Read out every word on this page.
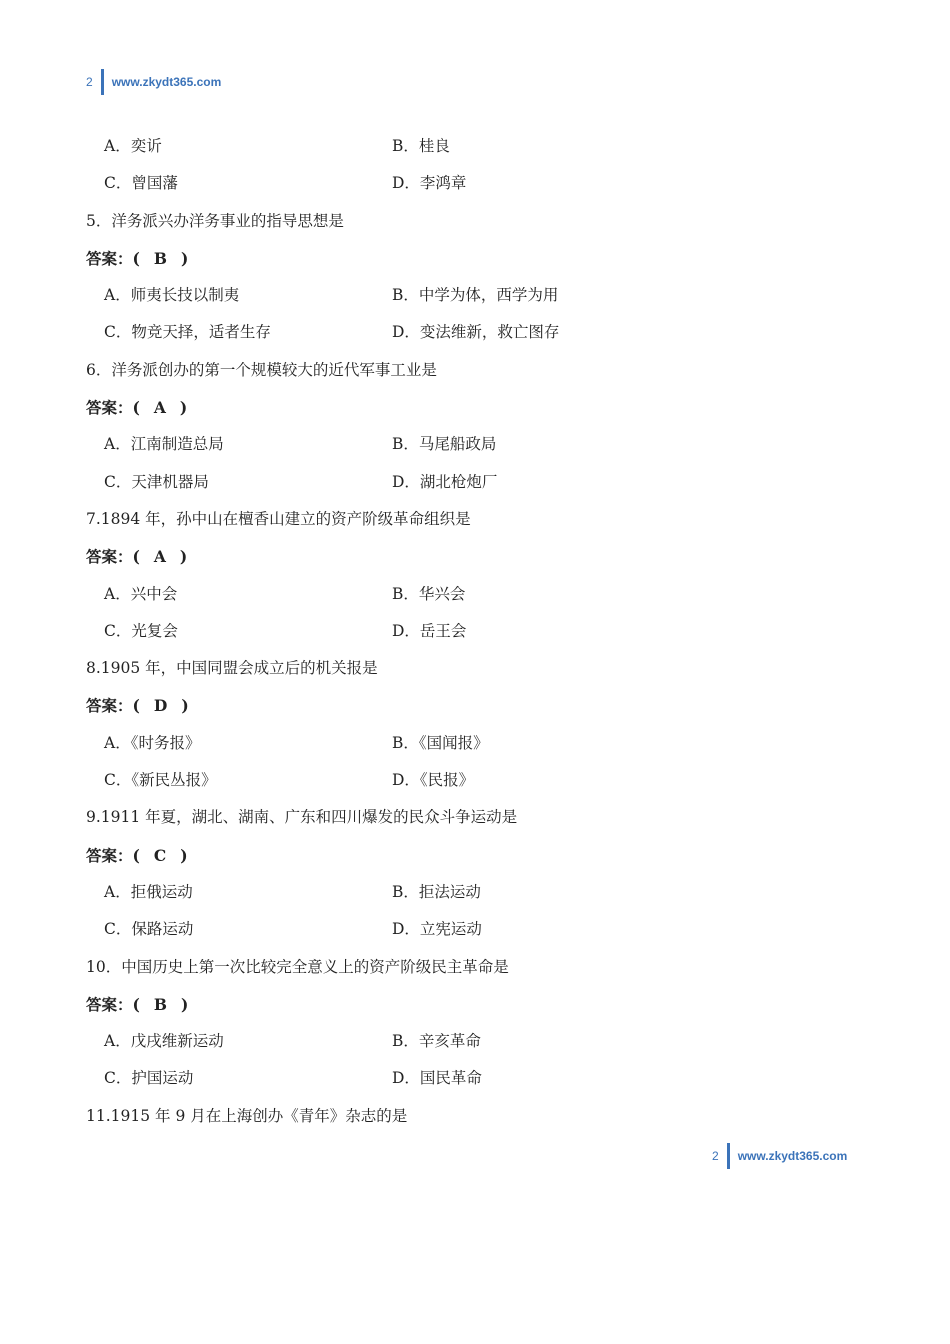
2 www.zkydt365.com
A．奕䜣	B．桂良
C．曾国藩	D．李鸿章
5．洋务派兴办洋务事业的指导思想是
答案：( B )
A．师夷长技以制夷	B．中学为体，西学为用
C．物竞天择，适者生存	D．变法维新，救亡图存
6．洋务派创办的第一个规模较大的近代军事工业是
答案：( A )
A．江南制造总局	B．马尾船政局
C．天津机器局	D．湖北枪炮厂
7.1894 年，孙中山在檀香山建立的资产阶级革命组织是
答案：( A )
A．兴中会	B．华兴会
C．光复会	D．岳王会
8.1905 年，中国同盟会成立后的机关报是
答案：( D )
A．《时务报》	B．《国闻报》
C．《新民丛报》	D．《民报》
9.1911 年夏，湖北、湖南、广东和四川爆发的民众斗争运动是
答案：( C )
A．拒俄运动	B．拒法运动
C．保路运动	D．立宪运动
10．中国历史上第一次比较完全意义上的资产阶级民主革命是
答案：( B )
A．戊戌维新运动	B．辛亥革命
C．护国运动	D．国民革命
11.1915 年 9 月在上海创办《青年》杂志的是
2 www.zkydt365.com
